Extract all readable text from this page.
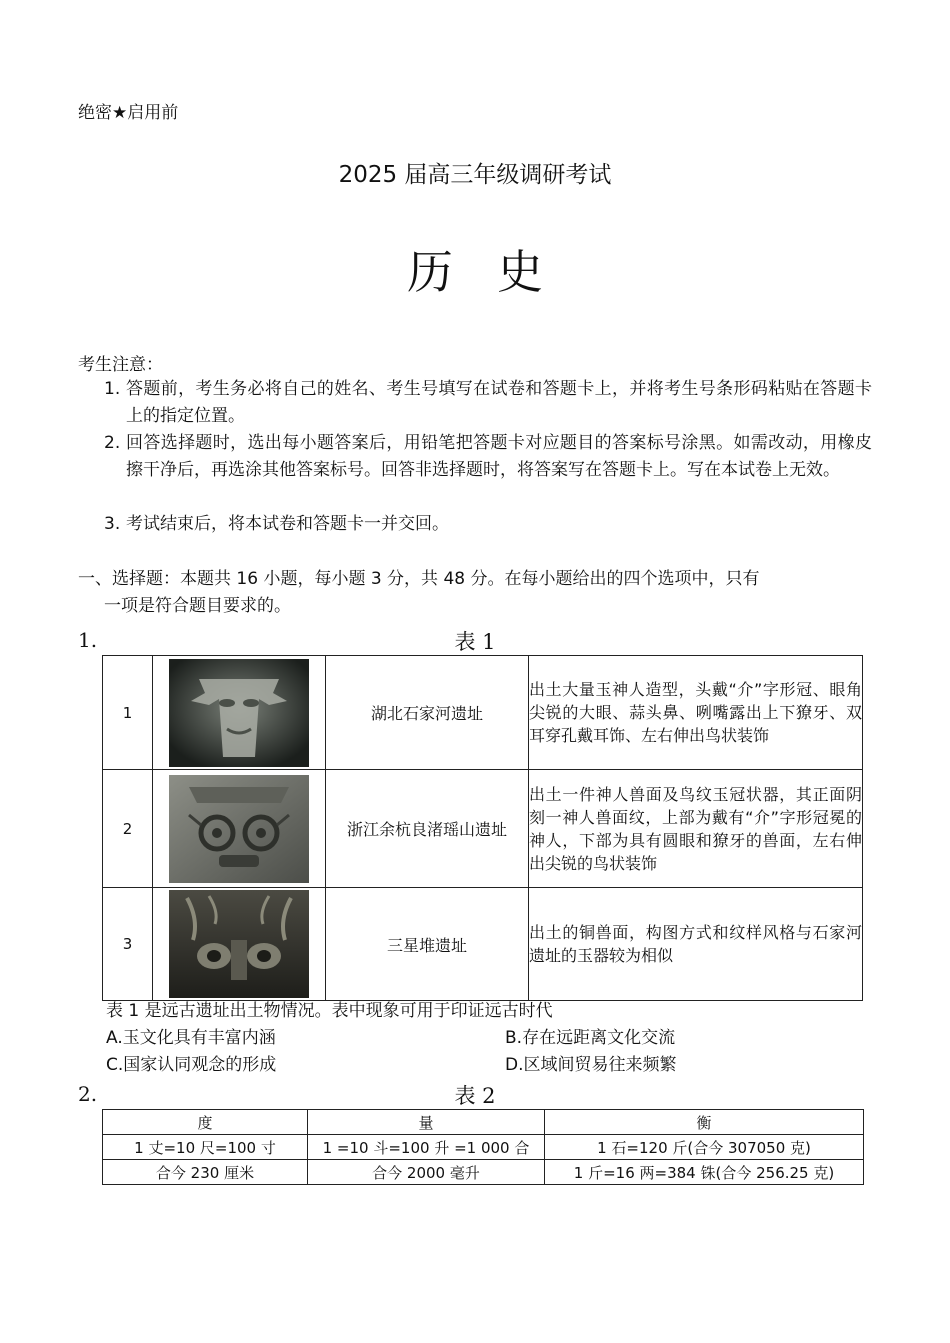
绝密★启用前
2025 届高三年级调研考试
历史
考生注意：
1. 答题前，考生务必将自己的姓名、考生号填写在试卷和答题卡上，并将考生号条形码粘贴在答题卡上的指定位置。
2. 回答选择题时，选出每小题答案后，用铅笔把答题卡对应题目的答案标号涂黑。如需改动，用橡皮擦干净后，再选涂其他答案标号。回答非选择题时，将答案写在答题卡上。写在本试卷上无效。
3. 考试结束后，将本试卷和答题卡一并交回。
一、选择题：本题共 16 小题，每小题 3 分，共 48 分。在每小题给出的四个选项中，只有
一项是符合题目要求的。
1.	表 1
1		湖北石家河遗址	出土大量玉神人造型，头戴“介”字形冠、眼角尖锐的大眼、蒜头鼻、咧嘴露出上下獠牙、双耳穿孔戴耳饰、左右伸出鸟状装饰
2		浙江余杭良渚瑶山遗址	出土一件神人兽面及鸟纹玉冠状器，其正面阴刻一神人兽面纹，上部为戴有“介”字形冠冕的神人，下部为具有圆眼和獠牙的兽面，左右伸出尖锐的鸟状装饰
3		三星堆遗址	出土的铜兽面，构图方式和纹样风格与石家河遗址的玉器较为相似
表 1 是远古遗址出土物情况。表中现象可用于印证远古时代
A.玉文化具有丰富内涵	B.存在远距离文化交流
C.国家认同观念的形成	D.区域间贸易往来频繁
2.	表 2
度	量	衡
1 丈=10 尺=100 寸	1 =10 斗=100 升 =1 000 合	1 石=120 斤(合今 307050 克)
合今 230 厘米	合今 2000 毫升	1 斤=16 两=384 铢(合今 256.25 克)
